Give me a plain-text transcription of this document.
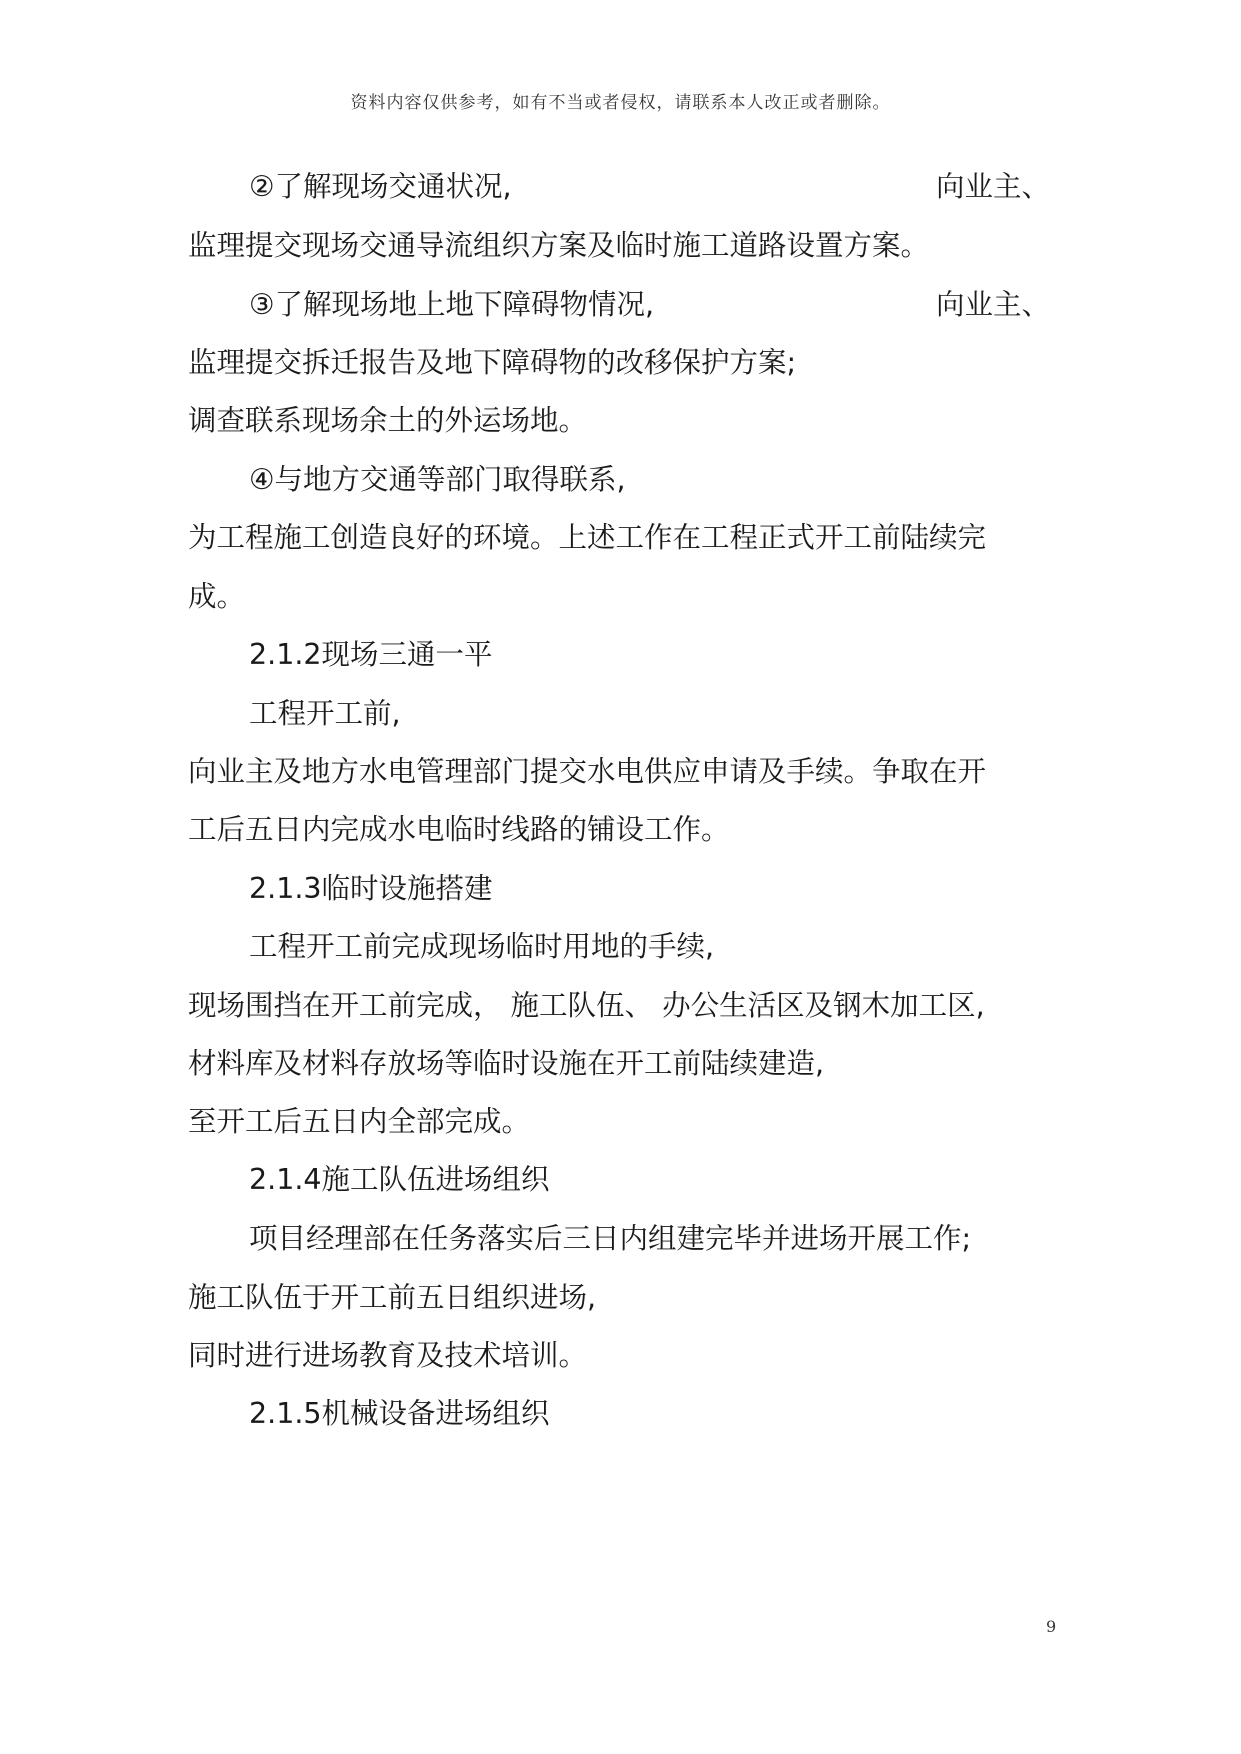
资料内容仅供参考，如有不当或者侵权，请联系本人改正或者删除。
②了解现场交通状况,	向业主、
监理提交现场交通导流组织方案及临时施工道路设置方案。
③了解现场地上地下障碍物情况,	向业主、
监理提交拆迁报告及地下障碍物的改移保护方案;
调查联系现场余土的外运场地。
④与地方交通等部门取得联系,
为工程施工创造良好的环境。上述工作在工程正式开工前陆续完
成。
2.1.2现场三通一平
工程开工前,
向业主及地方水电管理部门提交水电供应申请及手续。争取在开
工后五日内完成水电临时线路的铺设工作。
2.1.3临时设施搭建
工程开工前完成现场临时用地的手续,
现场围挡在开工前完成， 施工队伍、 办公生活区及钢木加工区,
材料库及材料存放场等临时设施在开工前陆续建造,
至开工后五日内全部完成。
2.1.4施工队伍进场组织
项目经理部在任务落实后三日内组建完毕并进场开展工作;
施工队伍于开工前五日组织进场,
同时进行进场教育及技术培训。
2.1.5机械设备进场组织
9
